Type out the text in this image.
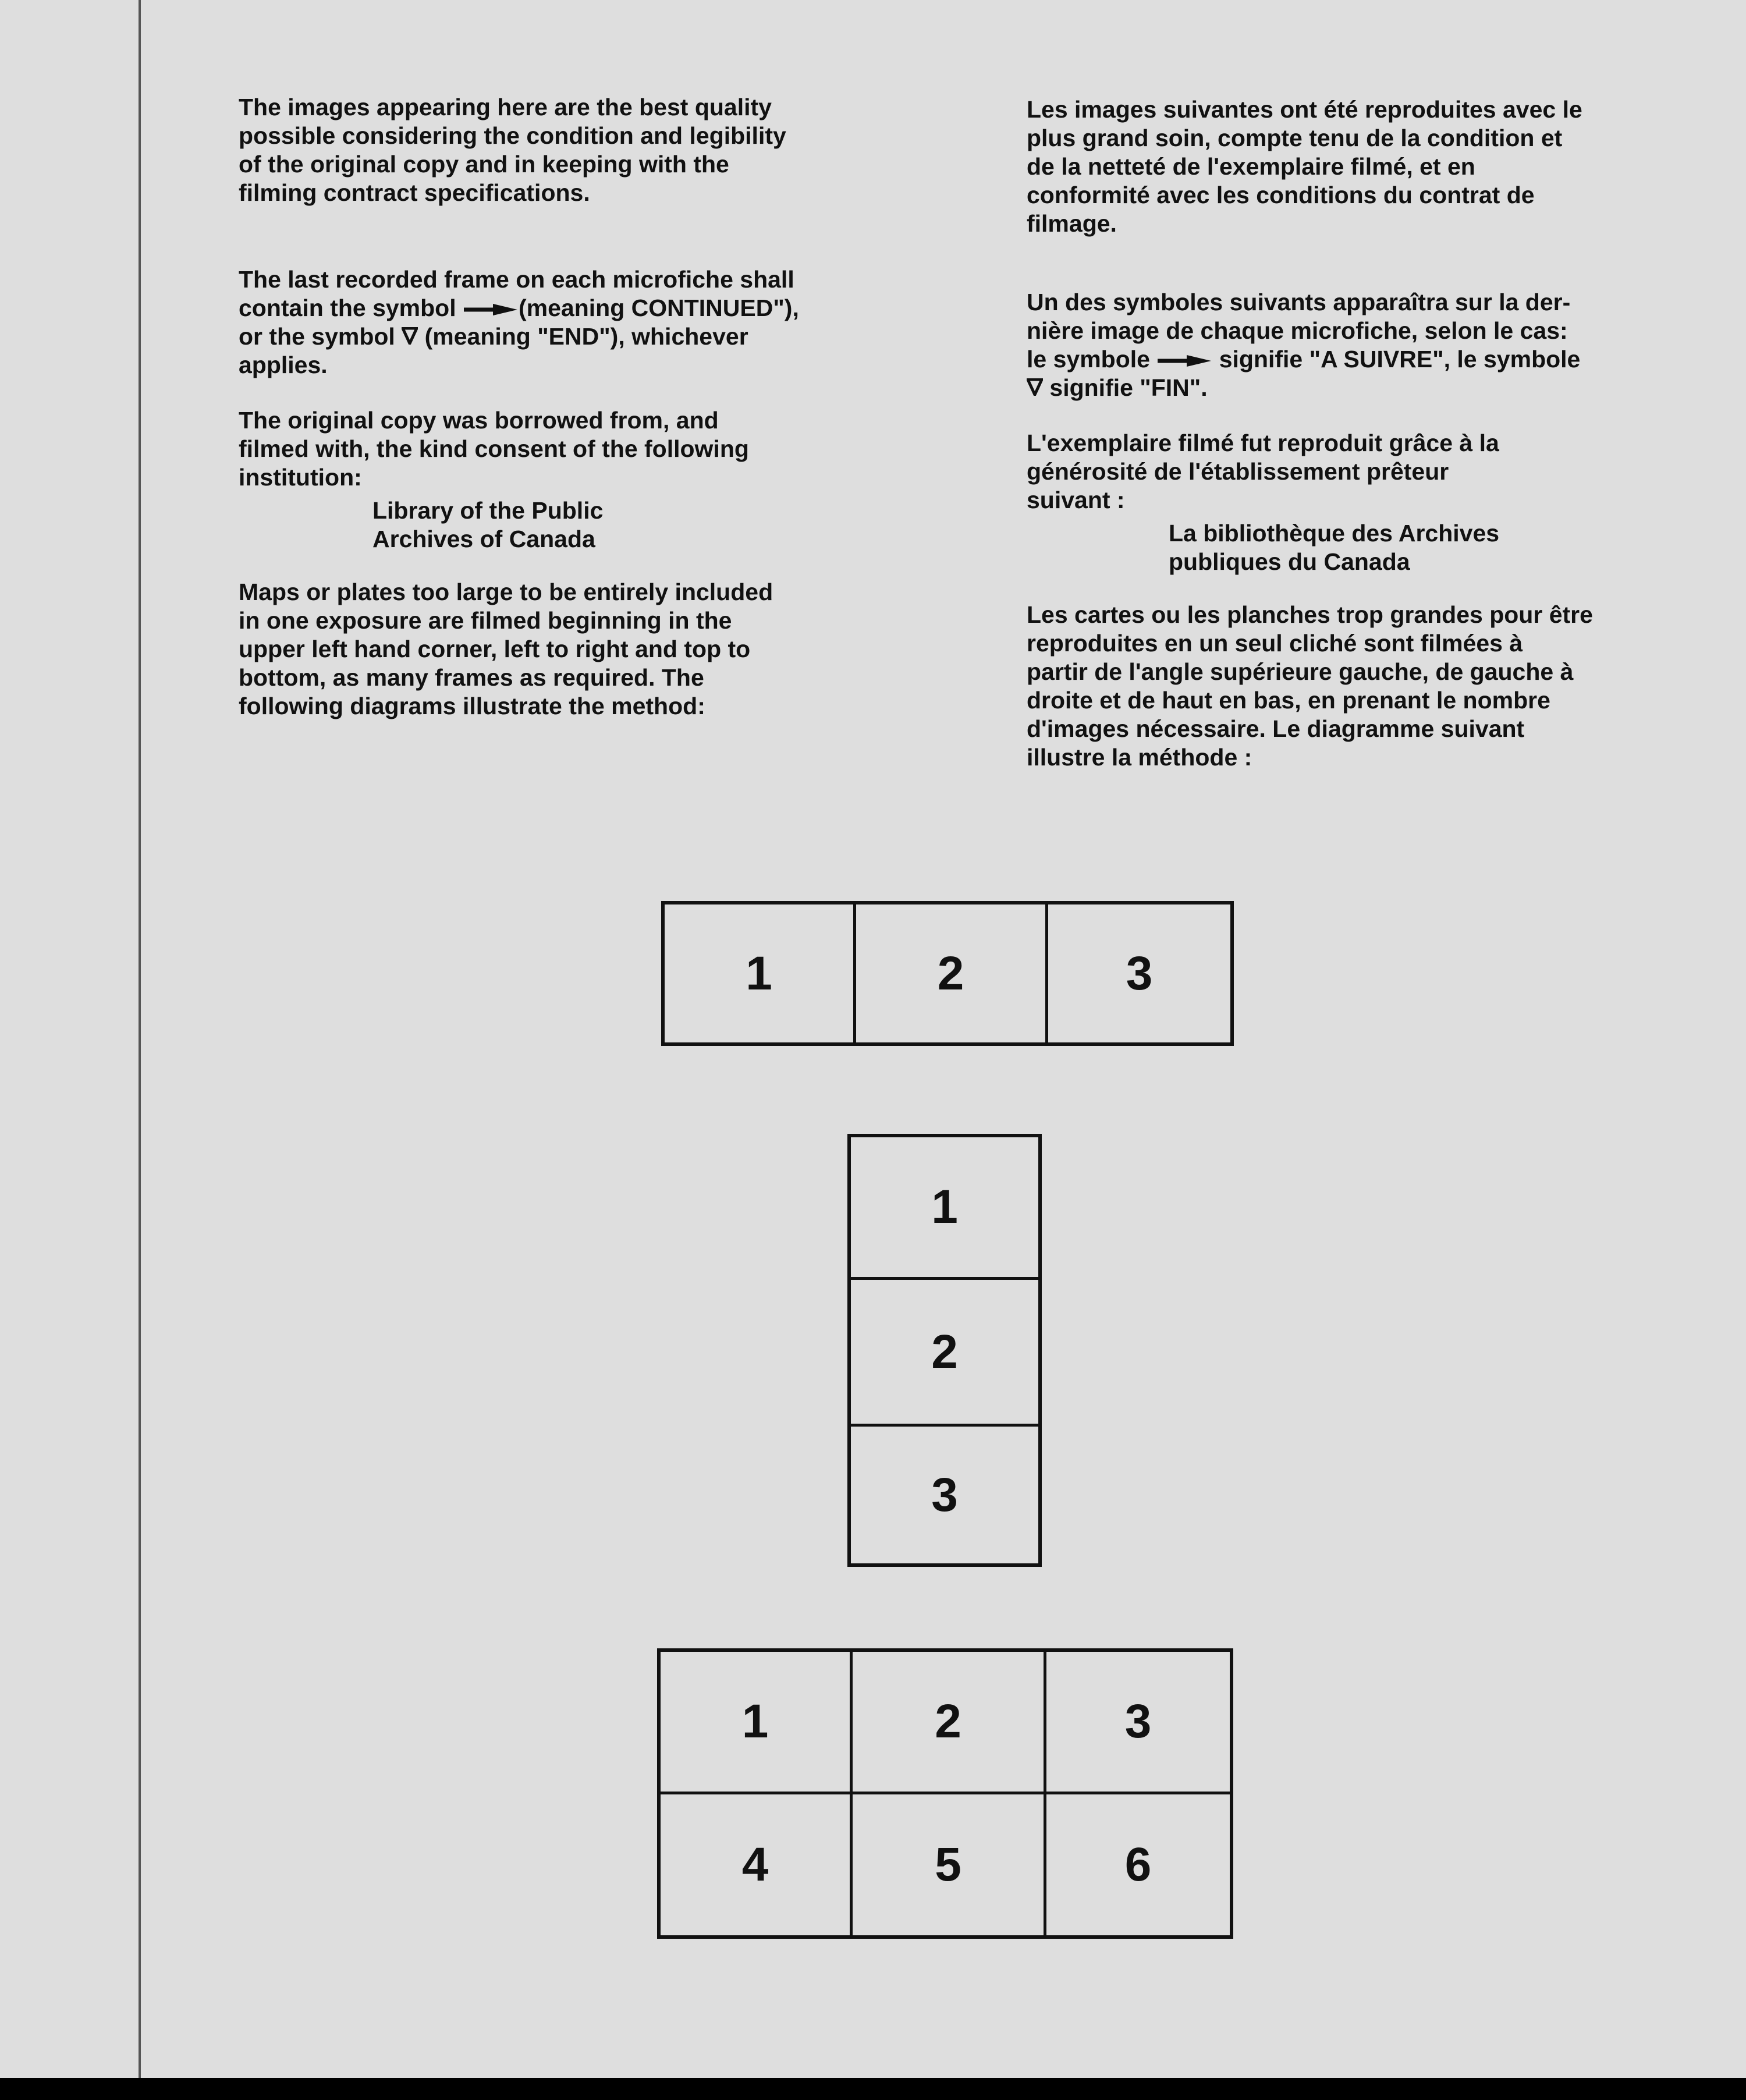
The images appearing here are the best quality
possible considering the condition and legibility
of the original copy and in keeping with the
filming contract specifications.

The last recorded frame on each microfiche shall
contain the symbol	(meaning CONTINUED"),
or the symbol  (meaning "END"), whichever
applies.

The original copy was borrowed from, and
filmed with, the kind consent of the following
institution:

Library of the Public
Archives of Canada

Maps or plates too large to be entirely included
in one exposure are filmed beginning in the
upper left hand corner, left to right and top to
bottom, as many frames as required. The
following diagrams illustrate the method:

Les images suivantes ont été reproduites avec le
plus grand soin, compte tenu de la condition et
de la netteté de l'exemplaire filmé, et en
conformité avec les conditions du contrat de
filmage.

Un des symboles suivants apparaîtra sur la der-
nière image de chaque microfiche, selon le cas:
le symbole	signifie "A SUIVRE", le symbole
signifie "FIN".

L'exemplaire filmé fut reproduit grâce à la
générosité de l'établissement prêteur
suivant :

La bibliothèque des Archives
publiques du Canada

Les cartes ou les planches trop grandes pour être
reproduites en un seul cliché sont filmées à
partir de l'angle supérieure gauche, de gauche à
droite et de haut en bas, en prenant le nombre
d'images nécessaire. Le diagramme suivant
illustre la méthode :

1	2	3
1
2
3
1	2	3
4	5	6
